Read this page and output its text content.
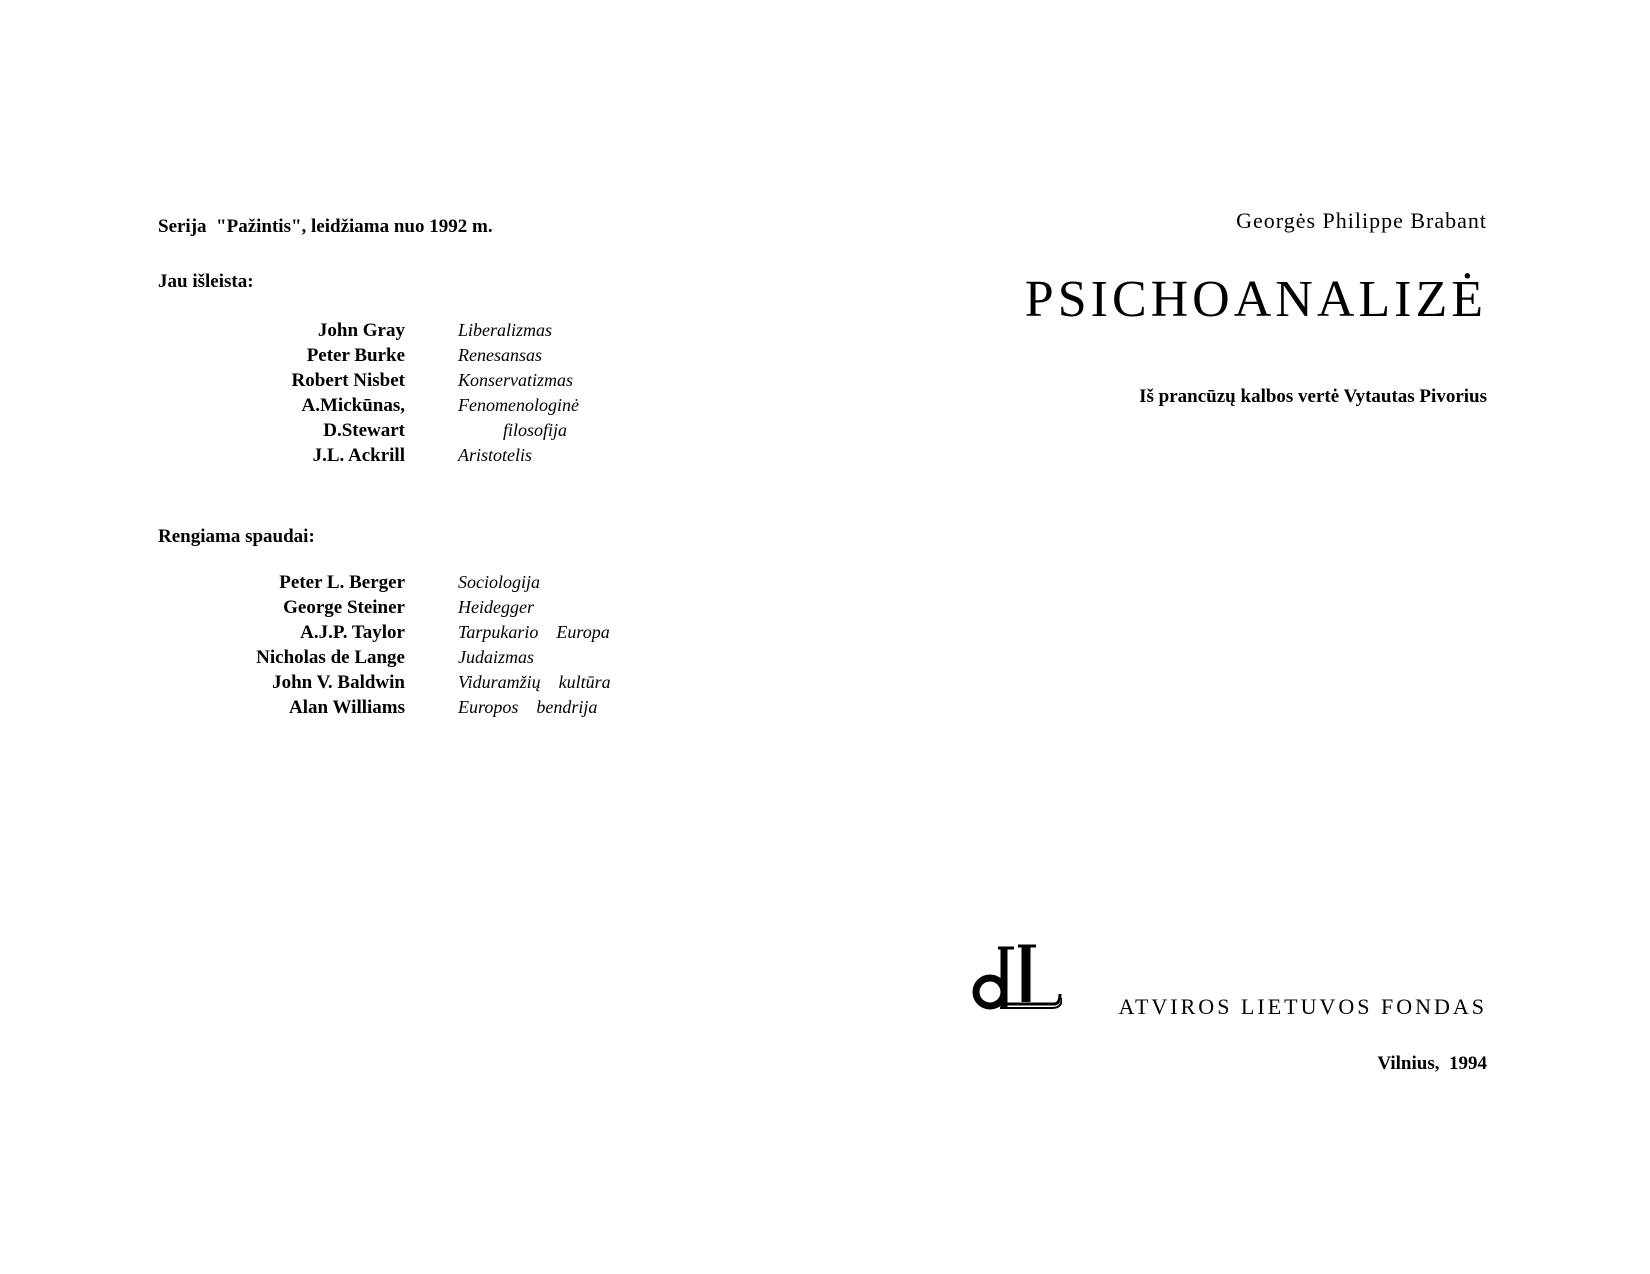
Serija  "Pažintis", leidžiama nuo 1992 m.
Jau išleista:
John Gray	Liberalizmas
Peter Burke	Renesansas
Robert Nisbet	Konservatizmas
A.Mickūnas,	Fenomenologinė
D.Stewart	filosofija
J.L. Ackrill	Aristotelis
Rengiama spaudai:
Peter L. Berger	Sociologija
George Steiner	Heidegger
A.J.P. Taylor	Tarpukario    Europa
Nicholas de Lange	Judaizmas
John V. Baldwin	Viduramžių    kultūra
Alan Williams	Europos    bendrija
Georgės Philippe Brabant
PSICHOANALIZĖ
Iš prancūzų kalbos vertė Vytautas Pivorius
ATVIROS LIETUVOS FONDAS
Vilnius,  1994
